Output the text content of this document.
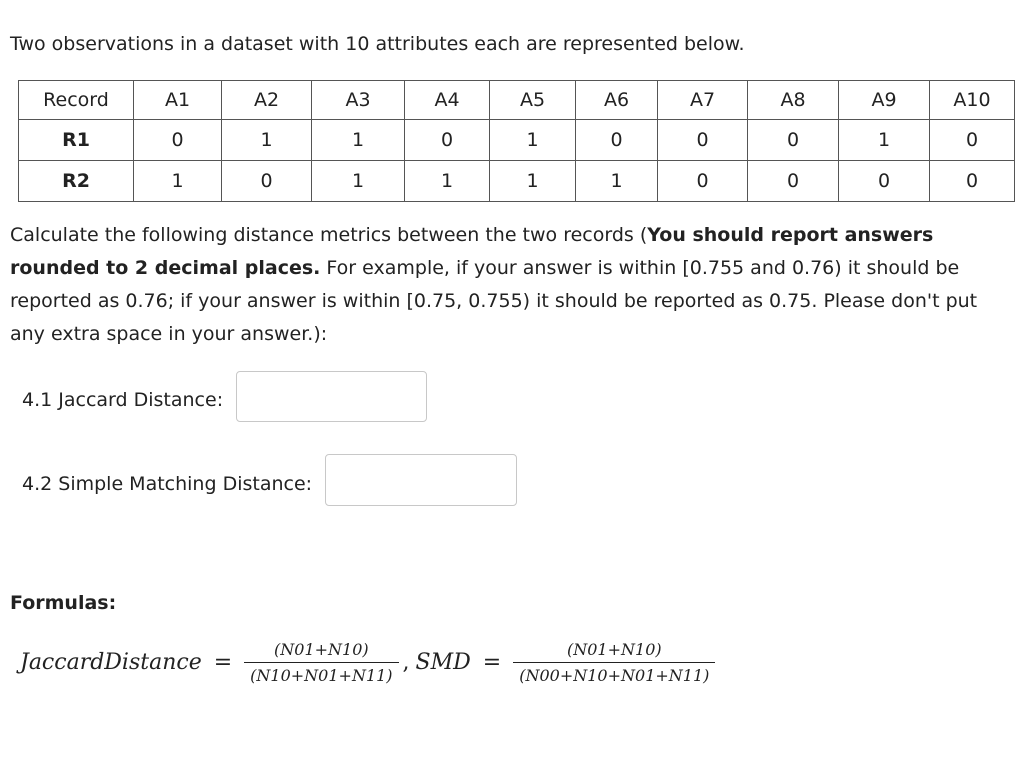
Two observations in a dataset with 10 attributes each are represented below.

Record	A1	A2	A3	A4	A5	A6	A7	A8	A9	A10
R1	0	1	1	0	1	0	0	0	1	0
R2	1	0	1	1	1	1	0	0	0	0

Calculate the following distance metrics between the two records (You should report answers rounded to 2 decimal places. For example, if your answer is within [0.755 and 0.76) it should be reported as 0.76; if your answer is within [0.75, 0.755) it should be reported as 0.75. Please don't put any extra space in your answer.):

4.1 Jaccard Distance:
4.2 Simple Matching Distance:

Formulas:

JaccardDistance = $\frac{(N01+N10)}{(N10+N01+N11)}$ , SMD = $\frac{(N01+N10)}{(N00+N10+N01+N11)}$
